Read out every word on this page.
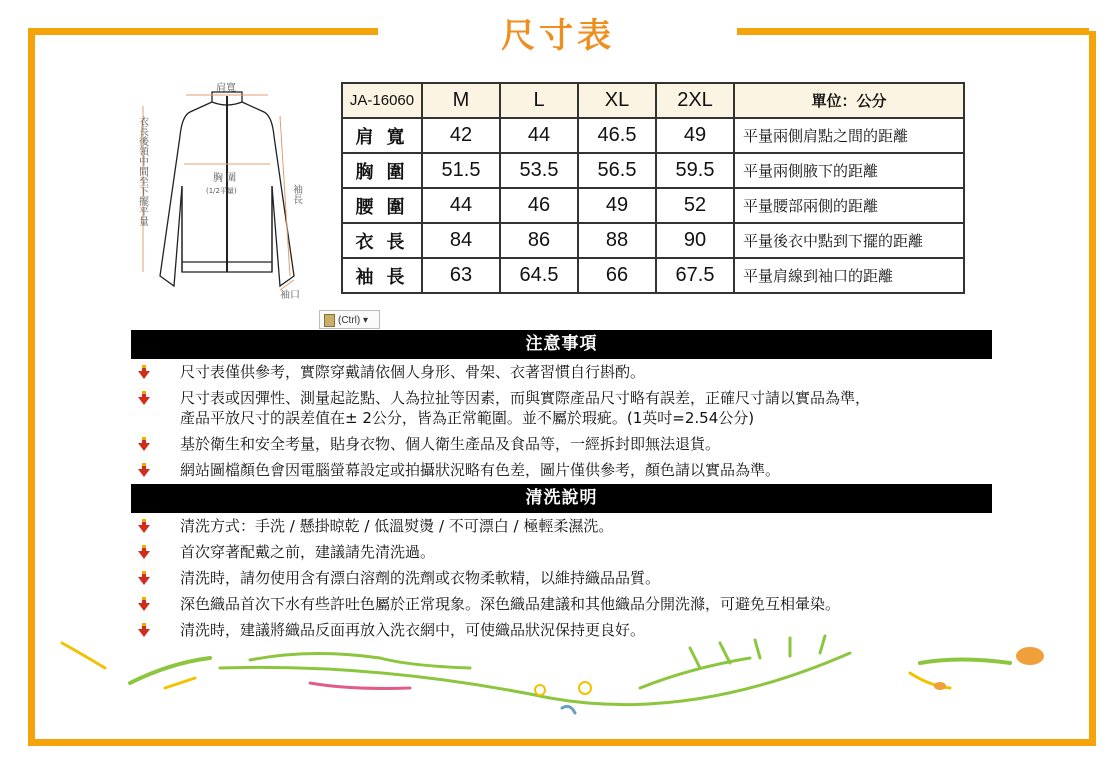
尺寸表
肩寬
胸 圍
(1/2平量)
袖口
袖長
衣長後領中間至下擺平量
JA-16060	M	L	XL	2XL	單位：公分
肩 寬	42	44	46.5	49	平量兩側肩點之間的距離
胸 圍	51.5	53.5	56.5	59.5	平量兩側腋下的距離
腰 圍	44	46	49	52	平量腰部兩側的距離
衣 長	84	86	88	90	平量後衣中點到下擺的距離
袖 長	63	64.5	66	67.5	平量肩線到袖口的距離
(Ctrl) ▾
注意事項
尺寸表僅供參考，實際穿戴請依個人身形、骨架、衣著習慣自行斟酌。
尺寸表或因彈性、測量起訖點、人為拉扯等因素，而與實際產品尺寸略有誤差，正確尺寸請以實品為準，
產品平放尺寸的誤差值在± 2公分，皆為正常範圍。並不屬於瑕疵。(1英吋=2.54公分)
基於衛生和安全考量，貼身衣物、個人衛生產品及食品等，一經拆封即無法退貨。
網站圖檔顏色會因電腦螢幕設定或拍攝狀況略有色差，圖片僅供參考，顏色請以實品為準。
清洗說明
清洗方式：手洗 / 懸掛晾乾 / 低溫熨燙 / 不可漂白 / 極輕柔濕洗。
首次穿著配戴之前，建議請先清洗過。
清洗時，請勿使用含有漂白溶劑的洗劑或衣物柔軟精，以維持織品品質。
深色織品首次下水有些許吐色屬於正常現象。深色織品建議和其他織品分開洗滌，可避免互相暈染。
清洗時，建議將織品反面再放入洗衣網中，可使織品狀況保持更良好。
